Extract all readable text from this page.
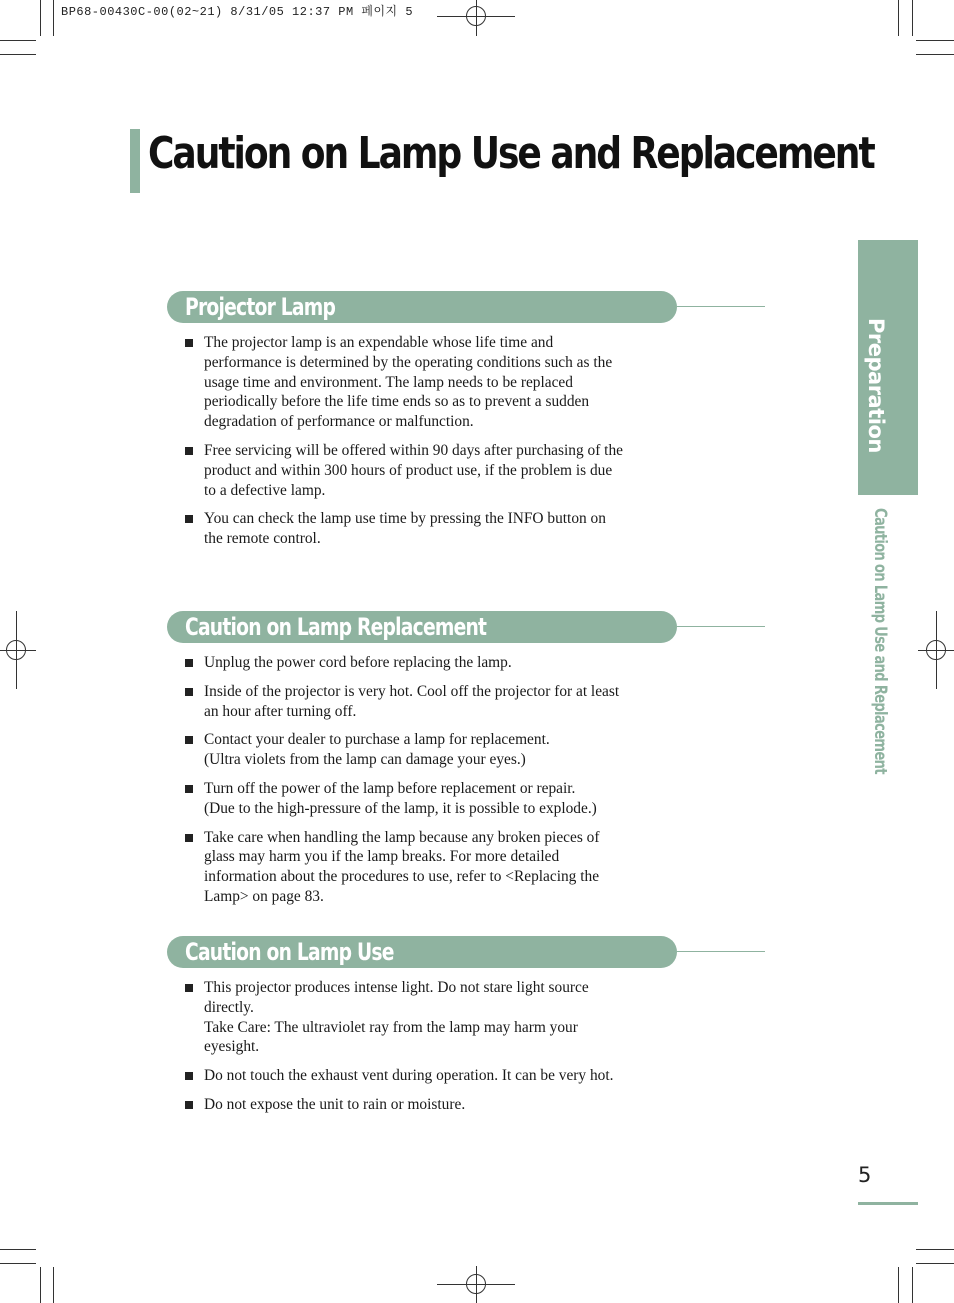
BP68-00430C-00(02~21) 8/31/05 12:37 PM 페이지 5
Caution on Lamp Use and Replacement
Preparation
Caution on Lamp Use and Replacement
Projector Lamp
The projector lamp is an expendable whose life time and
performance is determined by the operating conditions such as the
usage time and environment. The lamp needs to be replaced
periodically before the life time ends so as to prevent a sudden
degradation of performance or malfunction.
Free servicing will be offered within 90 days after purchasing of the
product and within 300 hours of product use, if the problem is due
to a defective lamp.
You can check the lamp use time by pressing the INFO button on
the remote control.
Caution on Lamp Replacement
Unplug the power cord before replacing the lamp.
Inside of the projector is very hot. Cool off the projector for at least
an hour after turning off.
Contact your dealer to purchase a lamp for replacement.
(Ultra violets from the lamp can damage your eyes.)
Turn off the power of the lamp before replacement or repair.
(Due to the high-pressure of the lamp, it is possible to explode.)
Take care when handling the lamp because any broken pieces of
glass may harm you if the lamp breaks. For more detailed
information about the procedures to use, refer to <Replacing the
Lamp> on page 83.
Caution on Lamp Use
This projector produces intense light. Do not stare light source
directly.
Take Care: The ultraviolet ray from the lamp may harm your
eyesight.
Do not touch the exhaust vent during operation. It can be very hot.
Do not expose the unit to rain or moisture.
5
